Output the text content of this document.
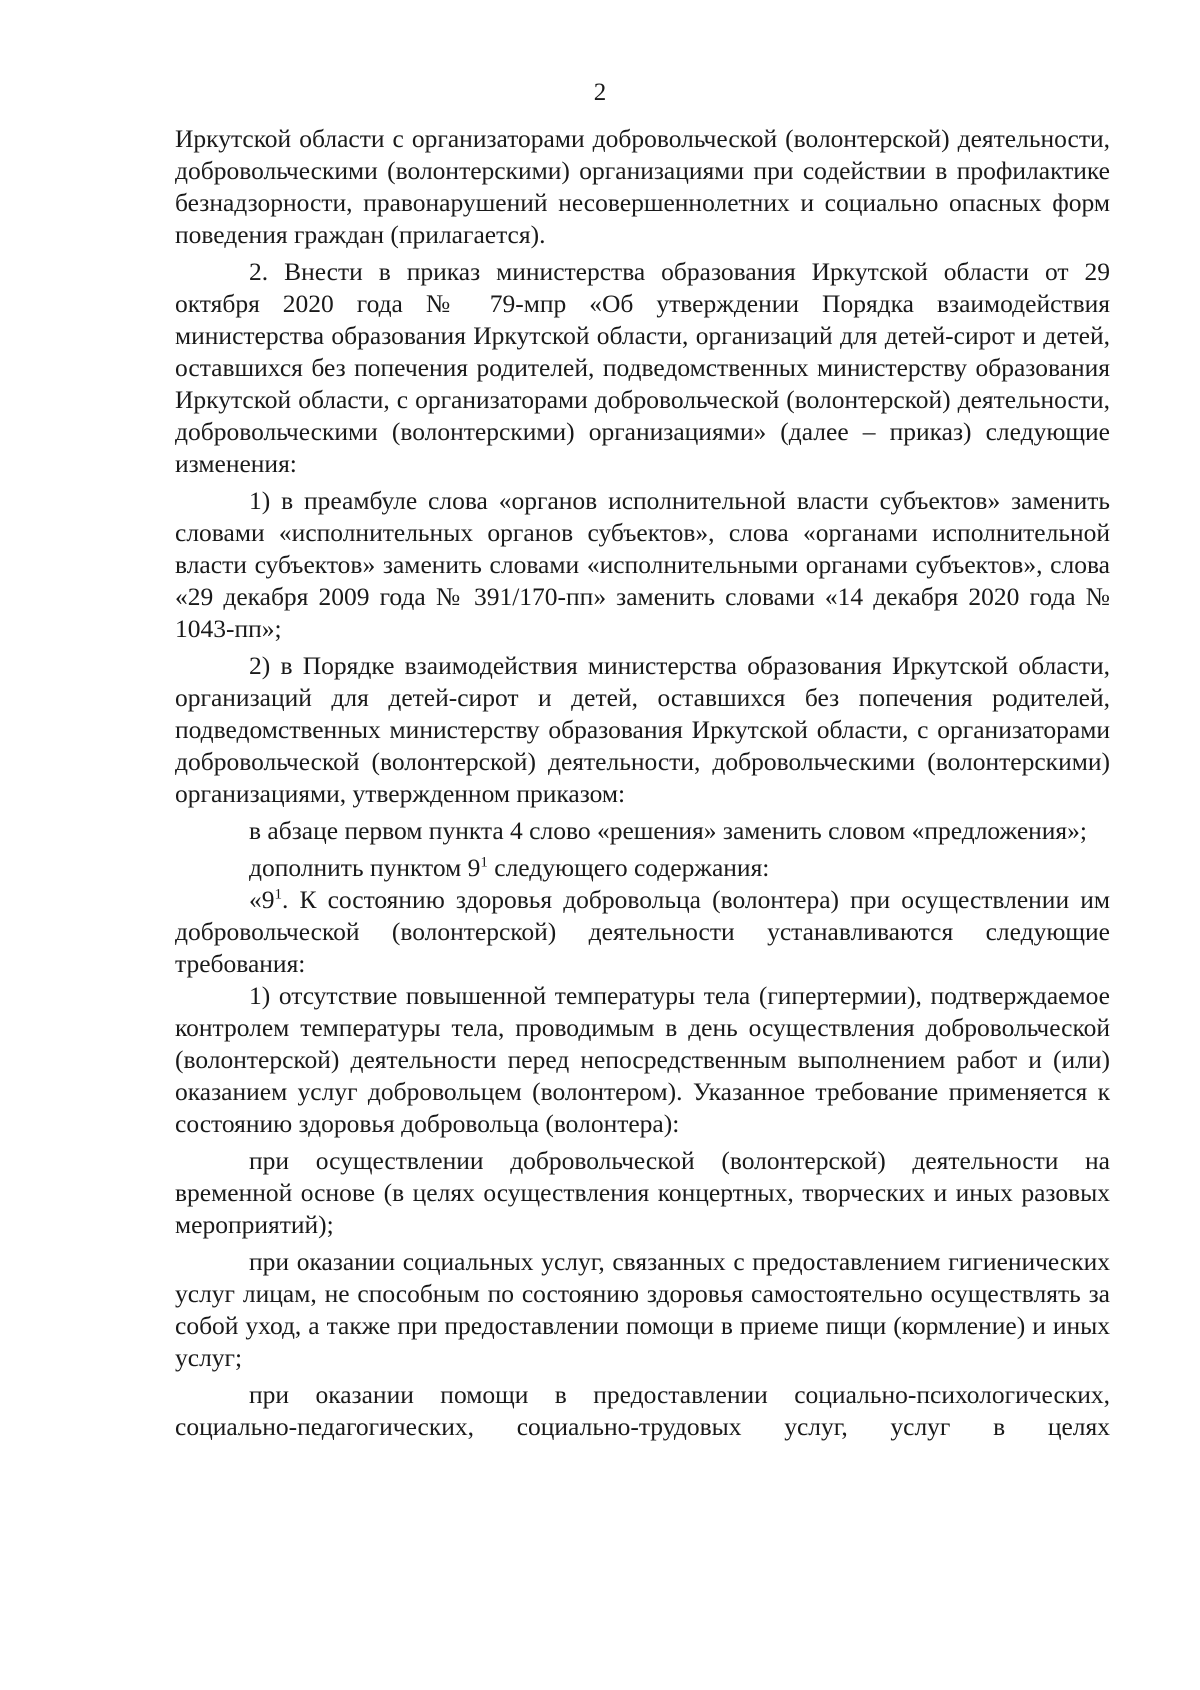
2

Иркутской области с организаторами добровольческой (волонтерской) деятельности, добровольческими (волонтерскими) организациями при содействии в профилактике безнадзорности, правонарушений несовершеннолетних и социально опасных форм поведения граждан (прилагается).

2. Внести в приказ министерства образования Иркутской области от 29 октября 2020 года № 79-мпр «Об утверждении Порядка взаимодействия министерства образования Иркутской области, организаций для детей-сирот и детей, оставшихся без попечения родителей, подведомственных министерству образования Иркутской области, с организаторами добровольческой (волонтерской) деятельности, добровольческими (волонтерскими) организациями» (далее – приказ) следующие изменения:

1) в преамбуле слова «органов исполнительной власти субъектов» заменить словами «исполнительных органов субъектов», слова «органами исполнительной власти субъектов» заменить словами «исполнительными органами субъектов», слова «29 декабря 2009 года № 391/170-пп» заменить словами «14 декабря 2020 года № 1043-пп»;

2) в Порядке взаимодействия министерства образования Иркутской области, организаций для детей-сирот и детей, оставшихся без попечения родителей, подведомственных министерству образования Иркутской области, с организаторами добровольческой (волонтерской) деятельности, добровольческими (волонтерскими) организациями, утвержденном приказом:

в абзаце первом пункта 4 слово «решения» заменить словом «предложения»;

дополнить пунктом $9^1$ следующего содержания:

«$9^1$. К состоянию здоровья добровольца (волонтера) при осуществлении им добровольческой (волонтерской) деятельности устанавливаются следующие требования:

1) отсутствие повышенной температуры тела (гипертермии), подтверждаемое контролем температуры тела, проводимым в день осуществления добровольческой (волонтерской) деятельности перед непосредственным выполнением работ и (или) оказанием услуг добровольцем (волонтером). Указанное требование применяется к состоянию здоровья добровольца (волонтера):

при осуществлении добровольческой (волонтерской) деятельности на временной основе (в целях осуществления концертных, творческих и иных разовых мероприятий);

при оказании социальных услуг, связанных с предоставлением гигиенических услуг лицам, не способным по состоянию здоровья самостоятельно осуществлять за собой уход, а также при предоставлении помощи в приеме пищи (кормление) и иных услуг;

при оказании помощи в предоставлении социально-психологических, социально-педагогических, социально-трудовых услуг, услуг в целях
